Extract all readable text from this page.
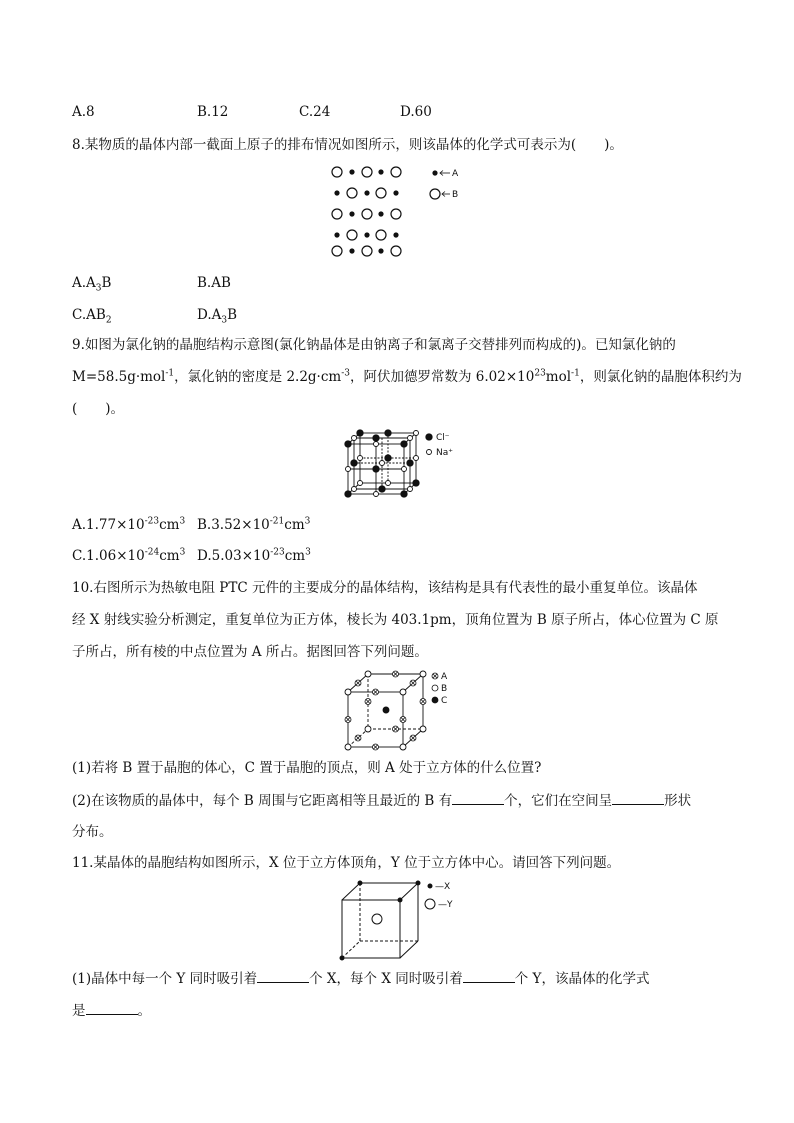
A.8	B.12	C.24	D.60
8.某物质的晶体内部一截面上原子的排布情况如图所示，则该晶体的化学式可表示为( )。
A
B
$A.A_3B$	B.AB
$C.AB_2$	$D.A_3B$
9.如图为氯化钠的晶胞结构示意图(氯化钠晶体是由钠离子和氯离子交替排列而构成的)。已知氯化钠的
M=58.5g·mol$^{-1}$，氯化钠的密度是 $2.2g\cdot cm^{-3}$，阿伏加德罗常数为 $6.02\times 10^{23}mol^{-1}$，则氯化钠的晶胞体积约为
( )。
Cl⁻
Na⁺
$A.1.77\times 10^{-23}cm^3$ $B.3.52\times 10^{-21}cm^3$
$C.1.06\times 10^{-24}cm^3$ $D.5.03\times 10^{-23}cm^3$
10.右图所示为热敏电阻 PTC 元件的主要成分的晶体结构，该结构是具有代表性的最小重复单位。该晶体
经 X 射线实验分析测定，重复单位为正方体，棱长为 403.1pm，顶角位置为 B 原子所占，体心位置为 C 原
子所占，所有棱的中点位置为 A 所占。据图回答下列问题。
A
B
C
(1)若将 B 置于晶胞的体心，C 置于晶胞的顶点，则 A 处于立方体的什么位置?
(2)在该物质的晶体中，每个 B 周围与它距离相等且最近的 B 有	个，它们在空间呈	形状
分布。
11.某晶体的晶胞结构如图所示，X 位于立方体顶角，Y 位于立方体中心。请回答下列问题。
—X
—Y
(1)晶体中每一个 Y 同时吸引着	个 X，每个 X 同时吸引着	个 Y，该晶体的化学式
是	。
